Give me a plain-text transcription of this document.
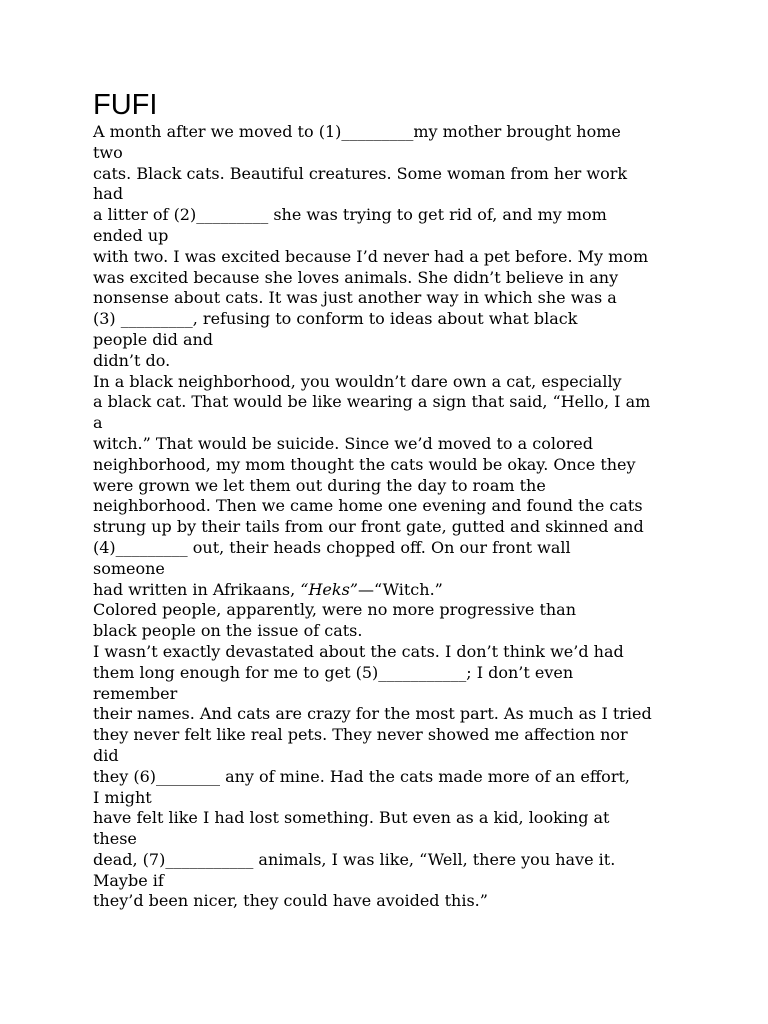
FUFI
A month after we moved to (1)_________my mother brought home
two
cats. Black cats. Beautiful creatures. Some woman from her work
had
a litter of (2)_________ she was trying to get rid of, and my mom
ended up
with two. I was excited because I’d never had a pet before. My mom
was excited because she loves animals. She didn’t believe in any
nonsense about cats. It was just another way in which she was a
(3) _________, refusing to conform to ideas about what black
people did and
didn’t do.
In a black neighborhood, you wouldn’t dare own a cat, especially
a black cat. That would be like wearing a sign that said, “Hello, I am
a
witch.” That would be suicide. Since we’d moved to a colored
neighborhood, my mom thought the cats would be okay. Once they
were grown we let them out during the day to roam the
neighborhood. Then we came home one evening and found the cats
strung up by their tails from our front gate, gutted and skinned and
(4)_________ out, their heads chopped off. On our front wall
someone
had written in Afrikaans, “Heks”—“Witch.”
Colored people, apparently, were no more progressive than
black people on the issue of cats.
I wasn’t exactly devastated about the cats. I don’t think we’d had
them long enough for me to get (5)___________; I don’t even
remember
their names. And cats are crazy for the most part. As much as I tried
they never felt like real pets. They never showed me affection nor
did
they (6)________ any of mine. Had the cats made more of an effort,
I might
have felt like I had lost something. But even as a kid, looking at
these
dead, (7)___________ animals, I was like, “Well, there you have it.
Maybe if
they’d been nicer, they could have avoided this.”
